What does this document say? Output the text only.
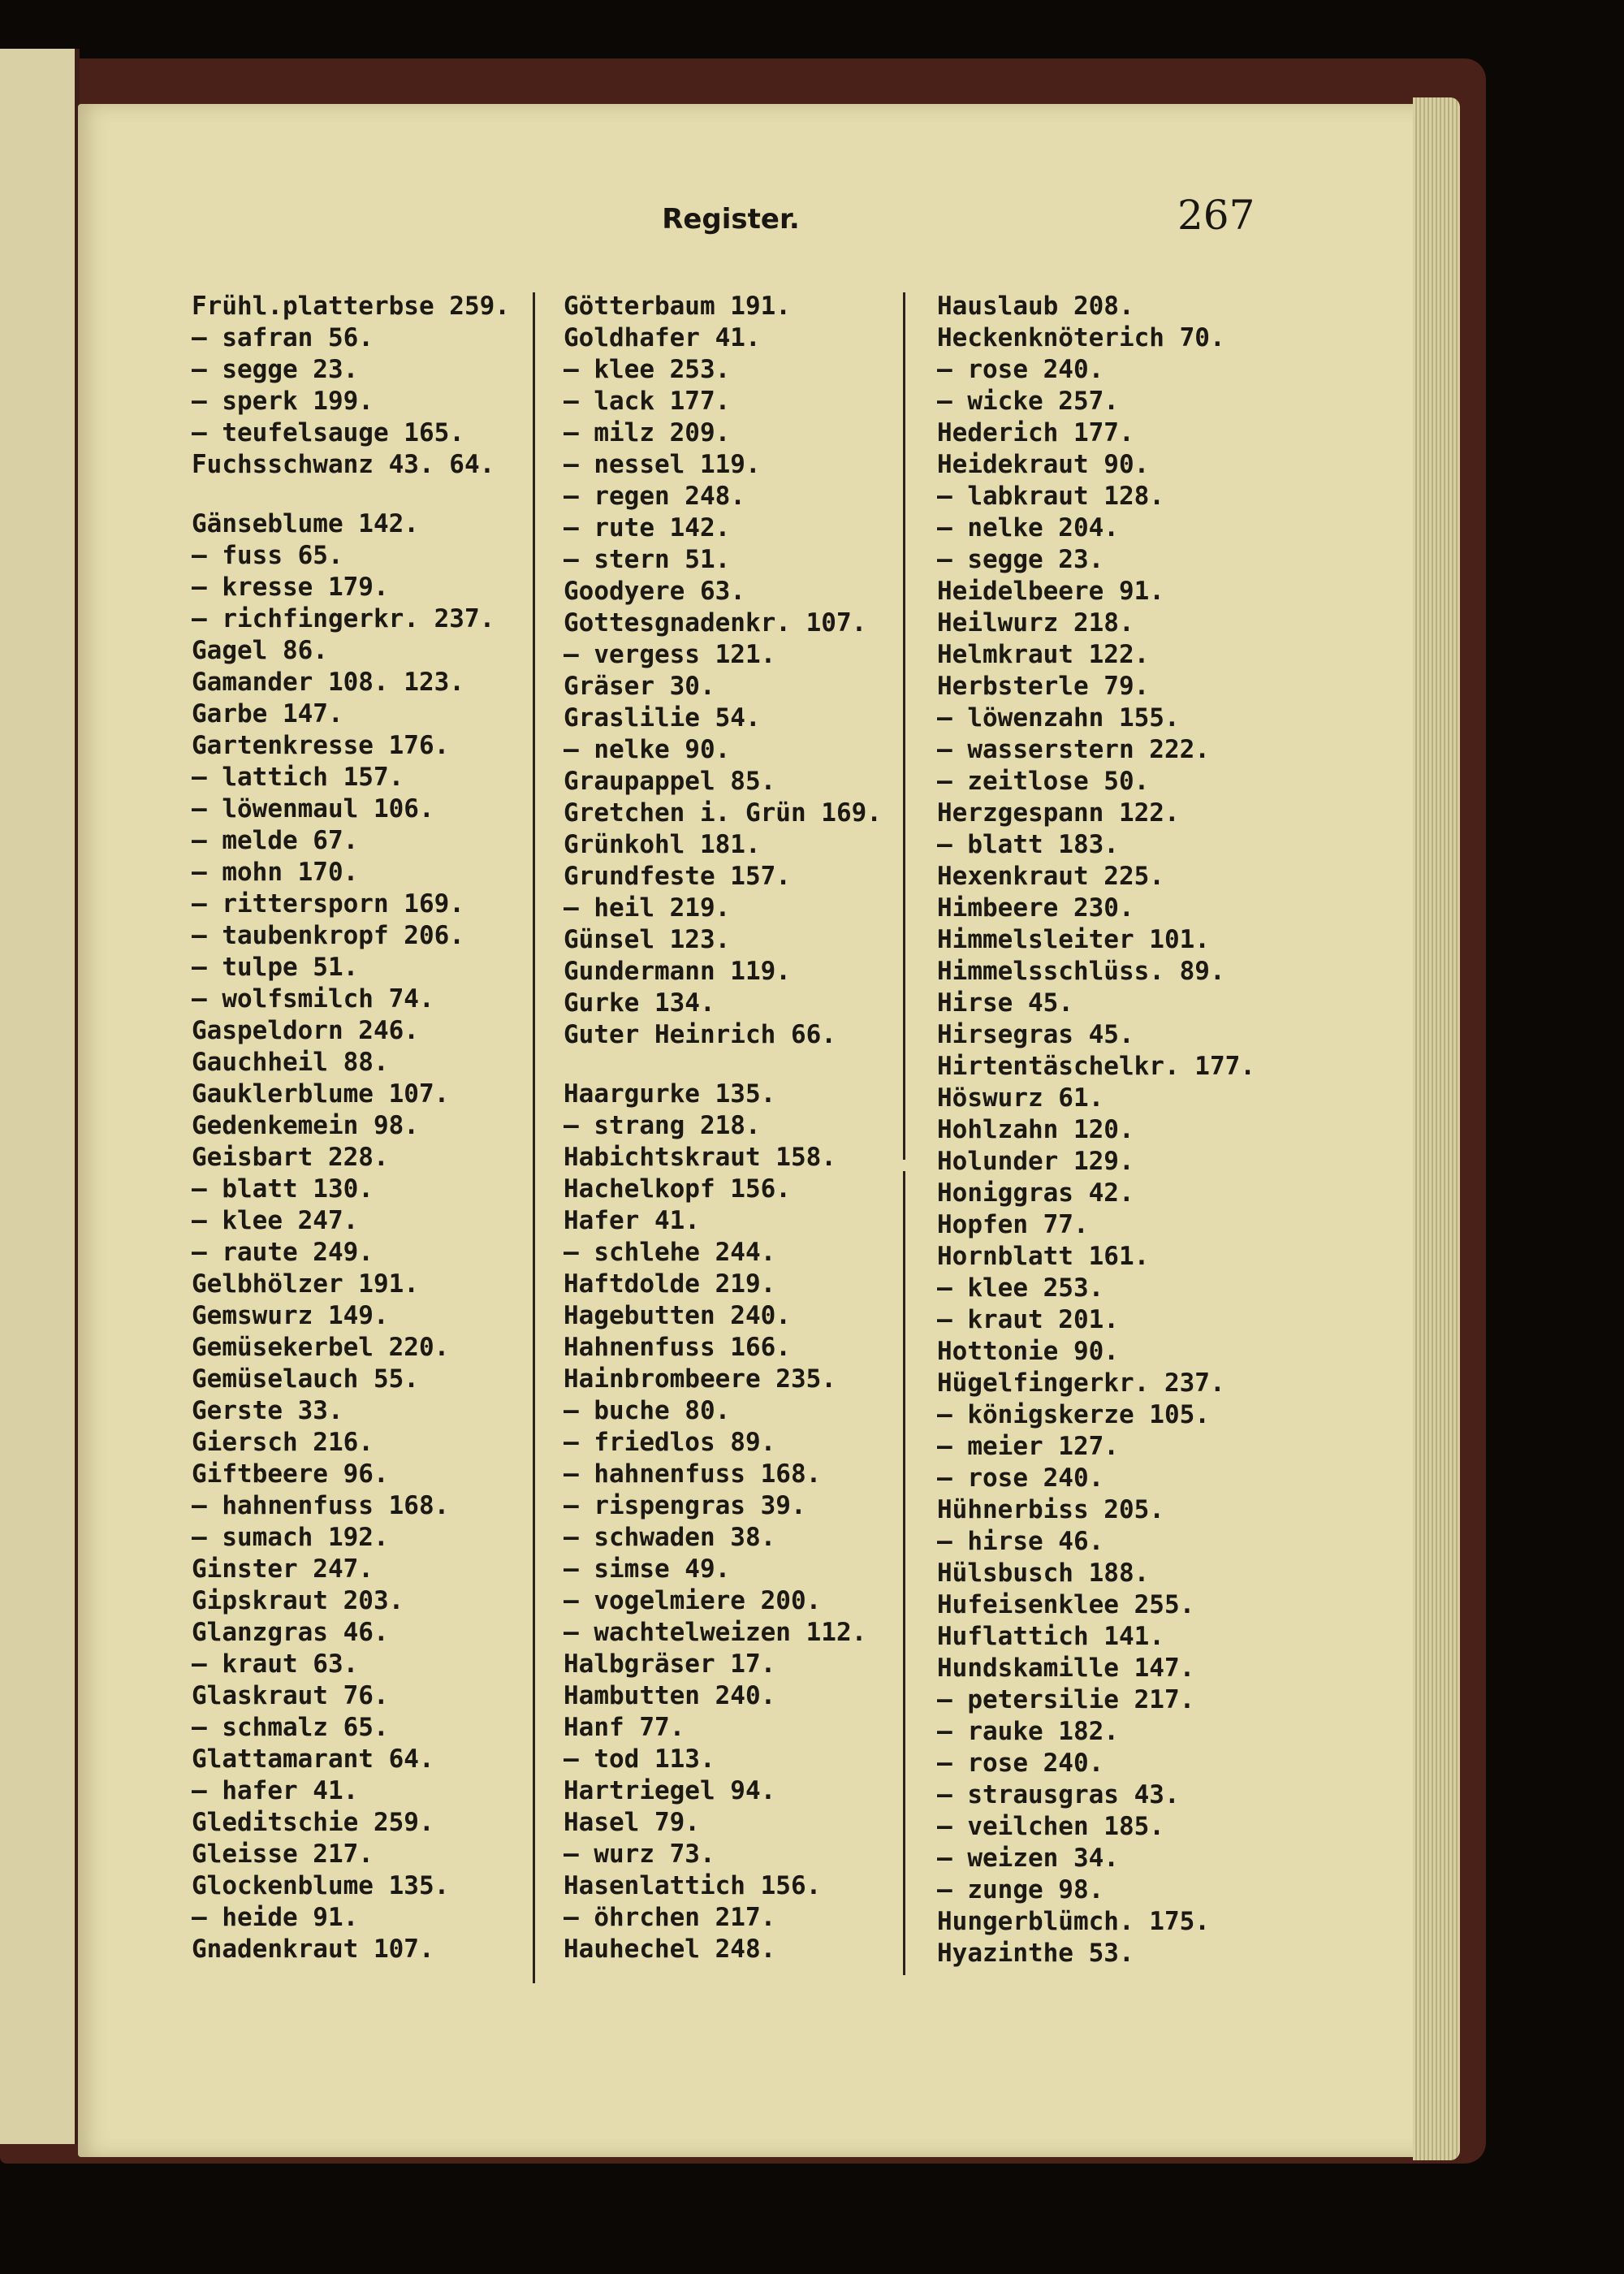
Register.	267
Frühl.platterbse 259.
— safran 56.
— segge 23.
— sperk 199.
— teufelsauge 165.
Fuchsschwanz 43. 64.
Gänseblume 142.
— fuss 65.
— kresse 179.
— richfingerkr. 237.
Gagel 86.
Gamander 108. 123.
Garbe 147.
Gartenkresse 176.
— lattich 157.
— löwenmaul 106.
— melde 67.
— mohn 170.
— rittersporn 169.
— taubenkropf 206.
— tulpe 51.
— wolfsmilch 74.
Gaspeldorn 246.
Gauchheil 88.
Gauklerblume 107.
Gedenkemein 98.
Geisbart 228.
— blatt 130.
— klee 247.
— raute 249.
Gelbhölzer 191.
Gemswurz 149.
Gemüsekerbel 220.
Gemüselauch 55.
Gerste 33.
Giersch 216.
Giftbeere 96.
— hahnenfuss 168.
— sumach 192.
Ginster 247.
Gipskraut 203.
Glanzgras 46.
— kraut 63.
Glaskraut 76.
— schmalz 65.
Glattamarant 64.
— hafer 41.
Gleditschie 259.
Gleisse 217.
Glockenblume 135.
— heide 91.
Gnadenkraut 107.
Götterbaum 191.
Goldhafer 41.
— klee 253.
— lack 177.
— milz 209.
— nessel 119.
— regen 248.
— rute 142.
— stern 51.
Goodyere 63.
Gottesgnadenkr. 107.
— vergess 121.
Gräser 30.
Graslilie 54.
— nelke 90.
Graupappel 85.
Gretchen i. Grün 169.
Grünkohl 181.
Grundfeste 157.
— heil 219.
Günsel 123.
Gundermann 119.
Gurke 134.
Guter Heinrich 66.
Haargurke 135.
— strang 218.
Habichtskraut 158.
Hachelkopf 156.
Hafer 41.
— schlehe 244.
Haftdolde 219.
Hagebutten 240.
Hahnenfuss 166.
Hainbrombeere 235.
— buche 80.
— friedlos 89.
— hahnenfuss 168.
— rispengras 39.
— schwaden 38.
— simse 49.
— vogelmiere 200.
— wachtelweizen 112.
Halbgräser 17.
Hambutten 240.
Hanf 77.
— tod 113.
Hartriegel 94.
Hasel 79.
— wurz 73.
Hasenlattich 156.
— öhrchen 217.
Hauhechel 248.
Hauslaub 208.
Heckenknöterich 70.
— rose 240.
— wicke 257.
Hederich 177.
Heidekraut 90.
— labkraut 128.
— nelke 204.
— segge 23.
Heidelbeere 91.
Heilwurz 218.
Helmkraut 122.
Herbsterle 79.
— löwenzahn 155.
— wasserstern 222.
— zeitlose 50.
Herzgespann 122.
— blatt 183.
Hexenkraut 225.
Himbeere 230.
Himmelsleiter 101.
Himmelsschlüss. 89.
Hirse 45.
Hirsegras 45.
Hirtentäschelkr. 177.
Höswurz 61.
Hohlzahn 120.
Holunder 129.
Honiggras 42.
Hopfen 77.
Hornblatt 161.
— klee 253.
— kraut 201.
Hottonie 90.
Hügelfingerkr. 237.
— königskerze 105.
— meier 127.
— rose 240.
Hühnerbiss 205.
— hirse 46.
Hülsbusch 188.
Hufeisenklee 255.
Huflattich 141.
Hundskamille 147.
— petersilie 217.
— rauke 182.
— rose 240.
— strausgras 43.
— veilchen 185.
— weizen 34.
— zunge 98.
Hungerblümch. 175.
Hyazinthe 53.
